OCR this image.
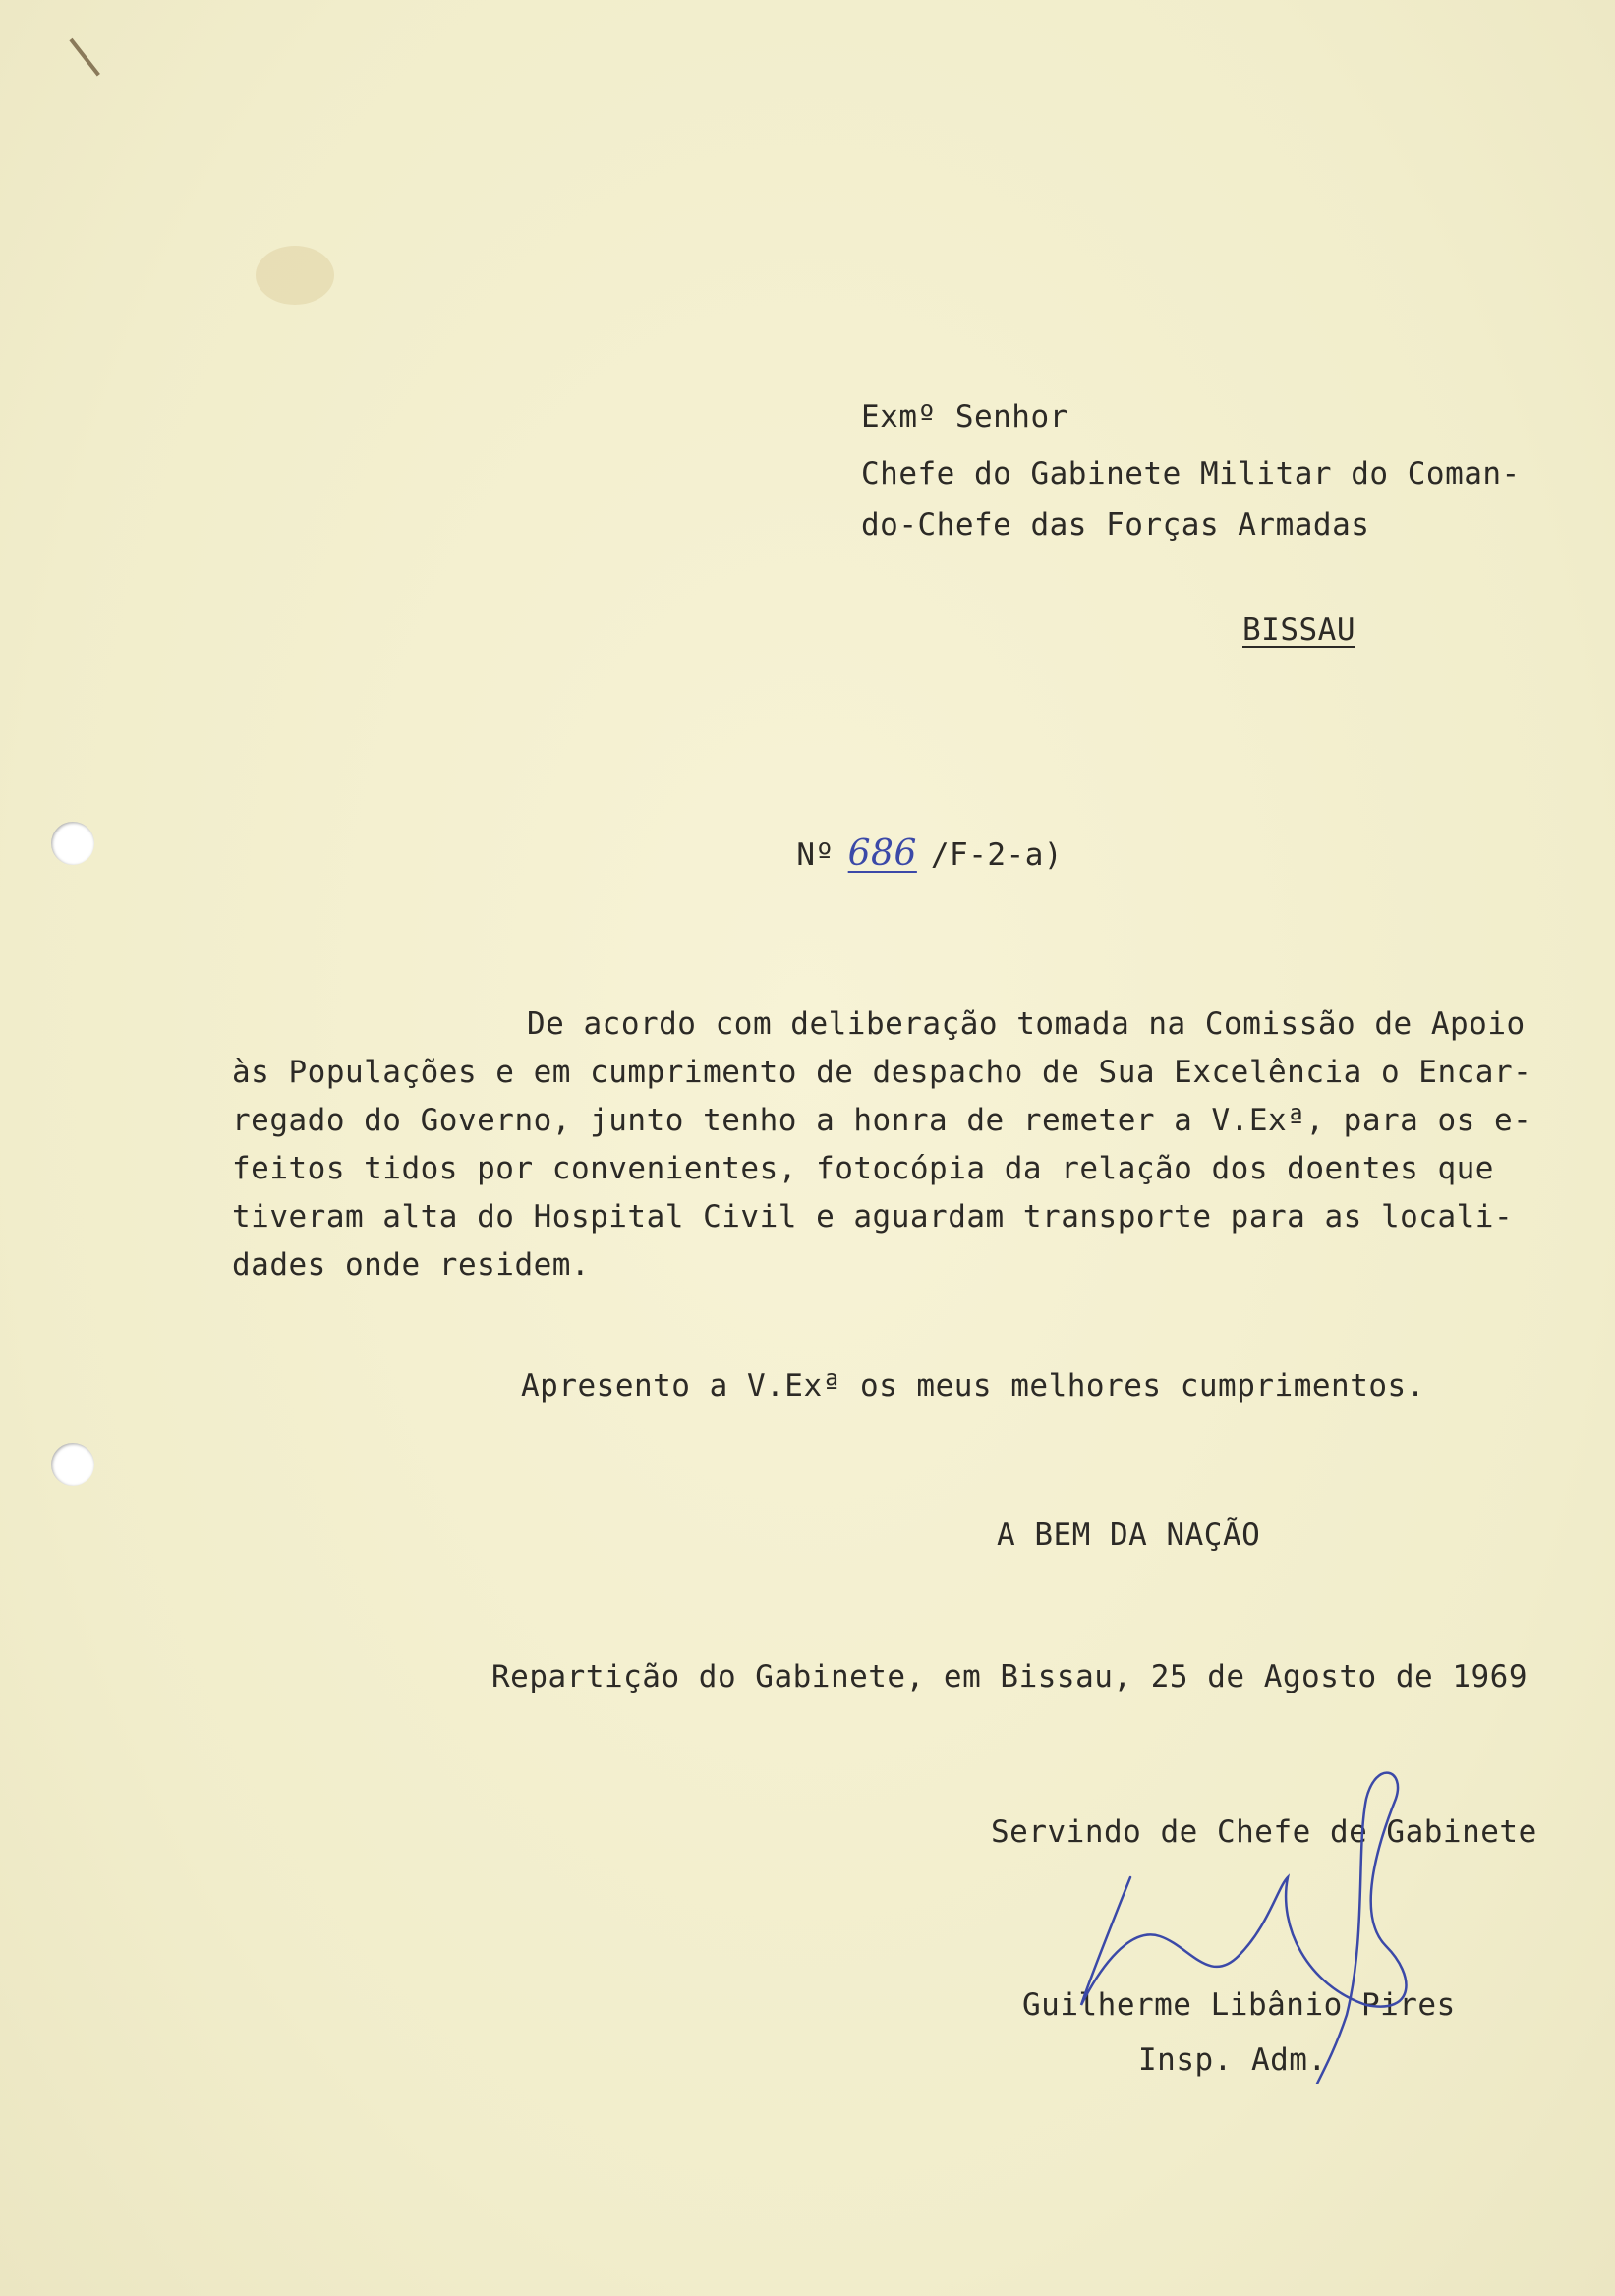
Exmº Senhor
Chefe do Gabinete Militar do Coman-
do-Chefe das Forças Armadas
BISSAU

Nº 686 /F-2-a)

De acordo com deliberação tomada na Comissão de Apoio
às Populações e em cumprimento de despacho de Sua Excelência o Encar-
regado do Governo, junto tenho a honra de remeter a V.Exª, para os e-
feitos tidos por convenientes, fotocópia da relação dos doentes que
tiveram alta do Hospital Civil e aguardam transporte para as locali-
dades onde residem.
Apresento a V.Exª os meus melhores cumprimentos.
A BEM DA NAÇÃO
Repartição do Gabinete, em Bissau, 25 de Agosto de 1969
Servindo de Chefe de Gabinete
Guilherme Libânio Pires
Insp. Adm.
